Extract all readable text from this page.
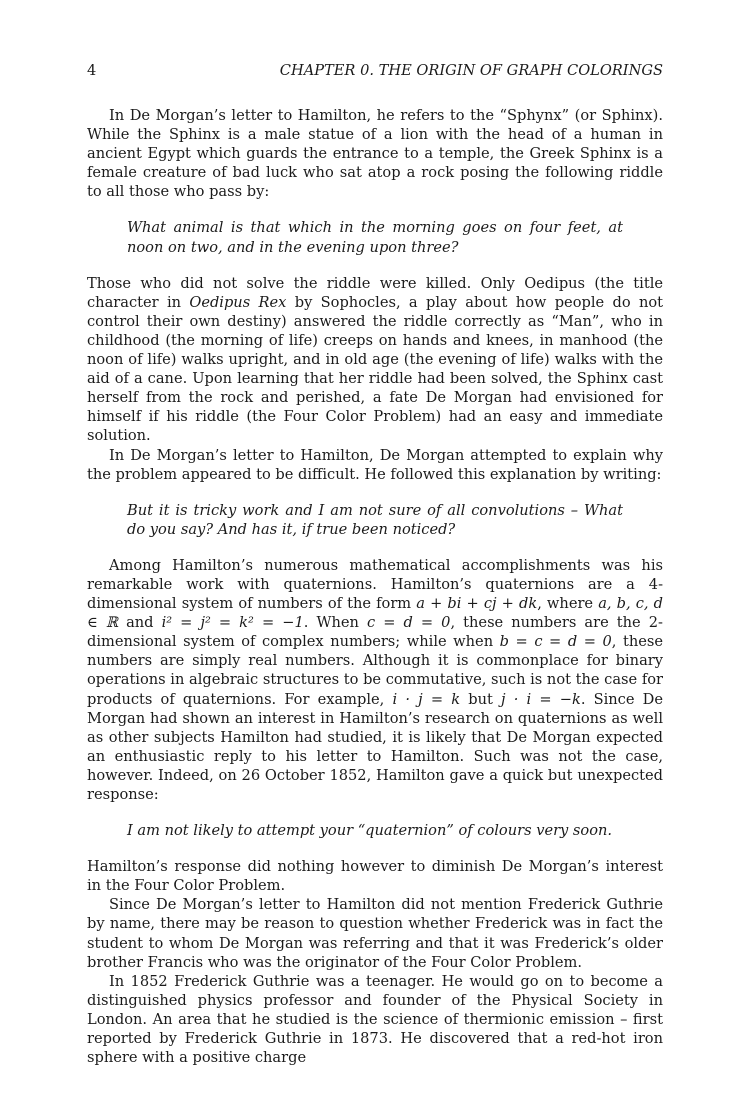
4	CHAPTER 0. THE ORIGIN OF GRAPH COLORINGS

In De Morgan’s letter to Hamilton, he refers to the “Sphynx” (or Sphinx). While the Sphinx is a male statue of a lion with the head of a human in ancient Egypt which guards the entrance to a temple, the Greek Sphinx is a female creature of bad luck who sat atop a rock posing the following riddle to all those who pass by:

What animal is that which in the morning goes on four feet, at noon on two, and in the evening upon three?

Those who did not solve the riddle were killed. Only Oedipus (the title character in Oedipus Rex by Sophocles, a play about how people do not control their own destiny) answered the riddle correctly as “Man”, who in childhood (the morning of life) creeps on hands and knees, in manhood (the noon of life) walks upright, and in old age (the evening of life) walks with the aid of a cane. Upon learning that her riddle had been solved, the Sphinx cast herself from the rock and perished, a fate De Morgan had envisioned for himself if his riddle (the Four Color Problem) had an easy and immediate solution.

In De Morgan’s letter to Hamilton, De Morgan attempted to explain why the problem appeared to be difficult. He followed this explanation by writing:

But it is tricky work and I am not sure of all convolutions – What do you say? And has it, if true been noticed?

Among Hamilton’s numerous mathematical accomplishments was his remarkable work with quaternions. Hamilton’s quaternions are a 4-dimensional system of numbers of the form a + bi + cj + dk, where a, b, c, d ∈ ℝ and i² = j² = k² = −1. When c = d = 0, these numbers are the 2-dimensional system of complex numbers; while when b = c = d = 0, these numbers are simply real numbers. Although it is commonplace for binary operations in algebraic structures to be commutative, such is not the case for products of quaternions. For example, i · j = k but j · i = −k. Since De Morgan had shown an interest in Hamilton’s research on quaternions as well as other subjects Hamilton had studied, it is likely that De Morgan expected an enthusiastic reply to his letter to Hamilton. Such was not the case, however. Indeed, on 26 October 1852, Hamilton gave a quick but unexpected response:

I am not likely to attempt your “quaternion” of colours very soon.

Hamilton’s response did nothing however to diminish De Morgan’s interest in the Four Color Problem.

Since De Morgan’s letter to Hamilton did not mention Frederick Guthrie by name, there may be reason to question whether Frederick was in fact the student to whom De Morgan was referring and that it was Frederick’s older brother Francis who was the originator of the Four Color Problem.

In 1852 Frederick Guthrie was a teenager. He would go on to become a distinguished physics professor and founder of the Physical Society in London. An area that he studied is the science of thermionic emission – first reported by Frederick Guthrie in 1873. He discovered that a red-hot iron sphere with a positive charge
